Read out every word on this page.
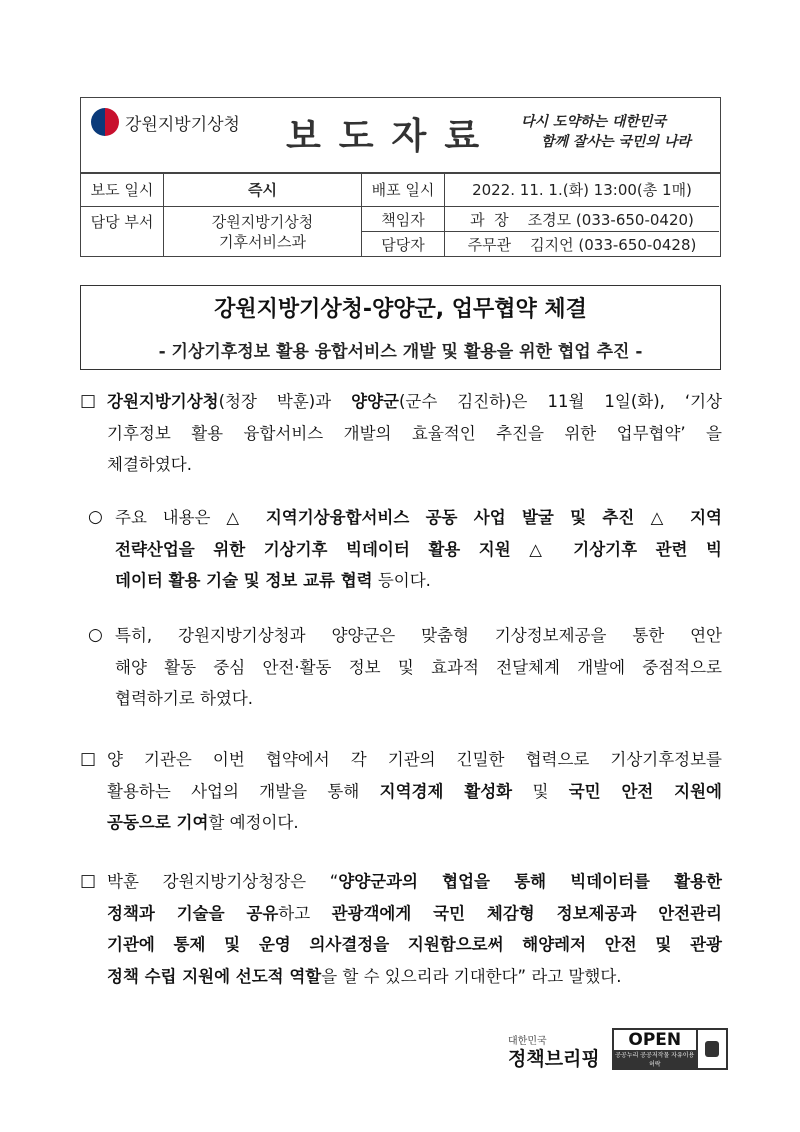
강원지방기상청 보도자료 다시 도약하는 대한민국
함께 잘사는 국민의 나라
보도 일시	즉시	배포 일시	2022. 11. 1.(화) 13:00(총 1매)
담당 부서	강원지방기상청
기후서비스과
책임자	과  장    조경모 (033-650-0420)
담당자	주무관    김지언 (033-650-0428)
강원지방기상청-양양군, 업무협약 체결
- 기상기후정보 활용 융합서비스 개발 및 활용을 위한 협업 추진 -
□ 강원지방기상청(청장 박훈)과 양양군(군수 김진하)은 11월 1일(화), ‘기상
기후정보 활용 융합서비스 개발의 효율적인 추진을 위한 업무협약’ 을
체결하였다.
○ 주요 내용은 △ 지역기상융합서비스 공동 사업 발굴 및 추진 △ 지역
전략산업을 위한 기상기후 빅데이터 활용 지원 △ 기상기후 관련 빅
데이터 활용 기술 및 정보 교류 협력 등이다.
○ 특히, 강원지방기상청과 양양군은 맞춤형 기상정보제공을 통한 연안
해양 활동 중심 안전·활동 정보 및 효과적 전달체계 개발에 중점적으로
협력하기로 하였다.
□ 양 기관은 이번 협약에서 각 기관의 긴밀한 협력으로 기상기후정보를
활용하는 사업의 개발을 통해 지역경제 활성화 및 국민 안전 지원에
공동으로 기여할 예정이다.
□ 박훈 강원지방기상청장은 “양양군과의 협업을 통해 빅데이터를 활용한
정책과 기술을 공유하고 관광객에게 국민 체감형 정보제공과 안전관리
기관에 통제 및 운영 의사결정을 지원함으로써 해양레저 안전 및 관광
정책 수립 지원에 선도적 역할을 할 수 있으리라 기대한다” 라고 말했다.
대한민국
정책브리핑
OPEN
공공누리 공공저작물 자유이용허락
